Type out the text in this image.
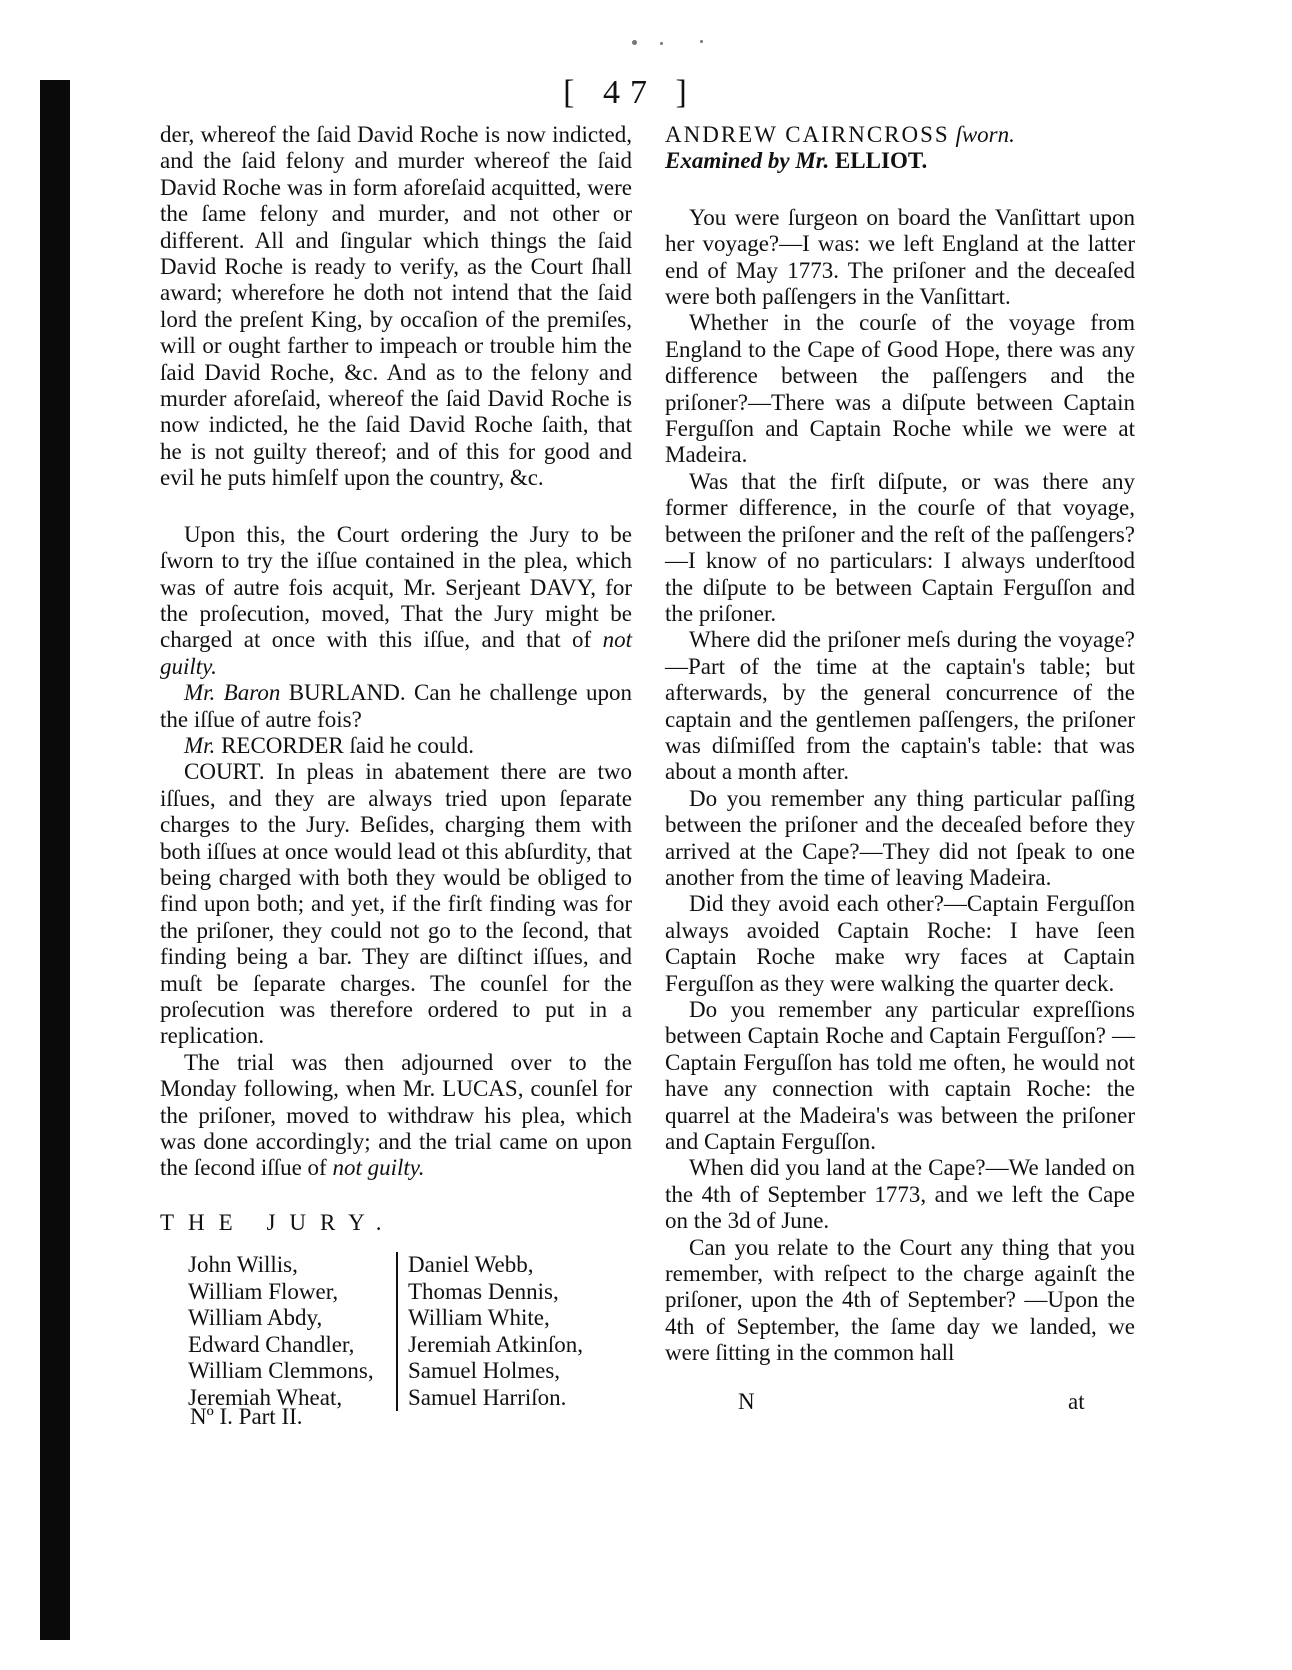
[ 47 ]

der, whereof the ſaid David Roche is now indicted, and the ſaid felony and murder whereof the ſaid David Roche was in form aforeſaid acquitted, were the ſame felony and murder, and not other or different. All and ſingular which things the ſaid David Roche is ready to verify, as the Court ſhall award; wherefore he doth not intend that the ſaid lord the preſent King, by occaſion of the premiſes, will or ought farther to impeach or trouble him the ſaid David Roche, &c. And as to the felony and murder aforeſaid, whereof the ſaid David Roche is now indicted, he the ſaid David Roche ſaith, that he is not guilty thereof; and of this for good and evil he puts himſelf upon the country, &c.

Upon this, the Court ordering the Jury to be ſworn to try the iſſue contained in the plea, which was of autre fois acquit, Mr. Serjeant DAVY, for the proſecution, moved, That the Jury might be charged at once with this iſſue, and that of not guilty.

Mr. Baron BURLAND. Can he challenge upon the iſſue of autre fois?

Mr. RECORDER ſaid he could.

COURT. In pleas in abatement there are two iſſues, and they are always tried upon ſeparate charges to the Jury. Beſides, charging them with both iſſues at once would lead ot this abſurdity, that being charged with both they would be obliged to find upon both; and yet, if the firſt finding was for the priſoner, they could not go to the ſecond, that finding being a bar. They are diſtinct iſſues, and muſt be ſeparate charges. The counſel for the proſecution was therefore ordered to put in a replication.

The trial was then adjourned over to the Monday following, when Mr. LUCAS, counſel for the priſoner, moved to withdraw his plea, which was done accordingly; and the trial came on upon the ſecond iſſue of not guilty.

THE JURY.

John Willis,
William Flower,
William Abdy,
Edward Chandler,
William Clemmons,
Jeremiah Wheat,
Daniel Webb,
Thomas Dennis,
William White,
Jeremiah Atkinſon,
Samuel Holmes,
Samuel Harriſon.

ANDREW CAIRNCROSS ſworn.

Examined by Mr. ELLIOT.

You were ſurgeon on board the Vanſittart upon her voyage?—I was: we left England at the latter end of May 1773. The priſoner and the deceaſed were both paſſengers in the Vanſittart.

Whether in the courſe of the voyage from England to the Cape of Good Hope, there was any difference between the paſſengers and the priſoner?—There was a diſpute between Captain Ferguſſon and Captain Roche while we were at Madeira.

Was that the firſt diſpute, or was there any former difference, in the courſe of that voyage, between the priſoner and the reſt of the paſſengers?—I know of no particulars: I always underſtood the diſpute to be between Captain Ferguſſon and the priſoner.

Where did the priſoner meſs during the voyage?—Part of the time at the captain's table; but afterwards, by the general concurrence of the captain and the gentlemen paſſengers, the priſoner was diſmiſſed from the captain's table: that was about a month after.

Do you remember any thing particular paſſing between the priſoner and the deceaſed before they arrived at the Cape?—They did not ſpeak to one another from the time of leaving Madeira.

Did they avoid each other?—Captain Ferguſſon always avoided Captain Roche: I have ſeen Captain Roche make wry faces at Captain Ferguſſon as they were walking the quarter deck.

Do you remember any particular expreſſions between Captain Roche and Captain Ferguſſon? —Captain Ferguſſon has told me often, he would not have any connection with captain Roche: the quarrel at the Madeira's was between the priſoner and Captain Ferguſſon.

When did you land at the Cape?—We landed on the 4th of September 1773, and we left the Cape on the 3d of June.

Can you relate to the Court any thing that you remember, with reſpect to the charge againſt the priſoner, upon the 4th of September? —Upon the 4th of September, the ſame day we landed, we were ſitting in the common hall

Nº I. Part II.
N	at
